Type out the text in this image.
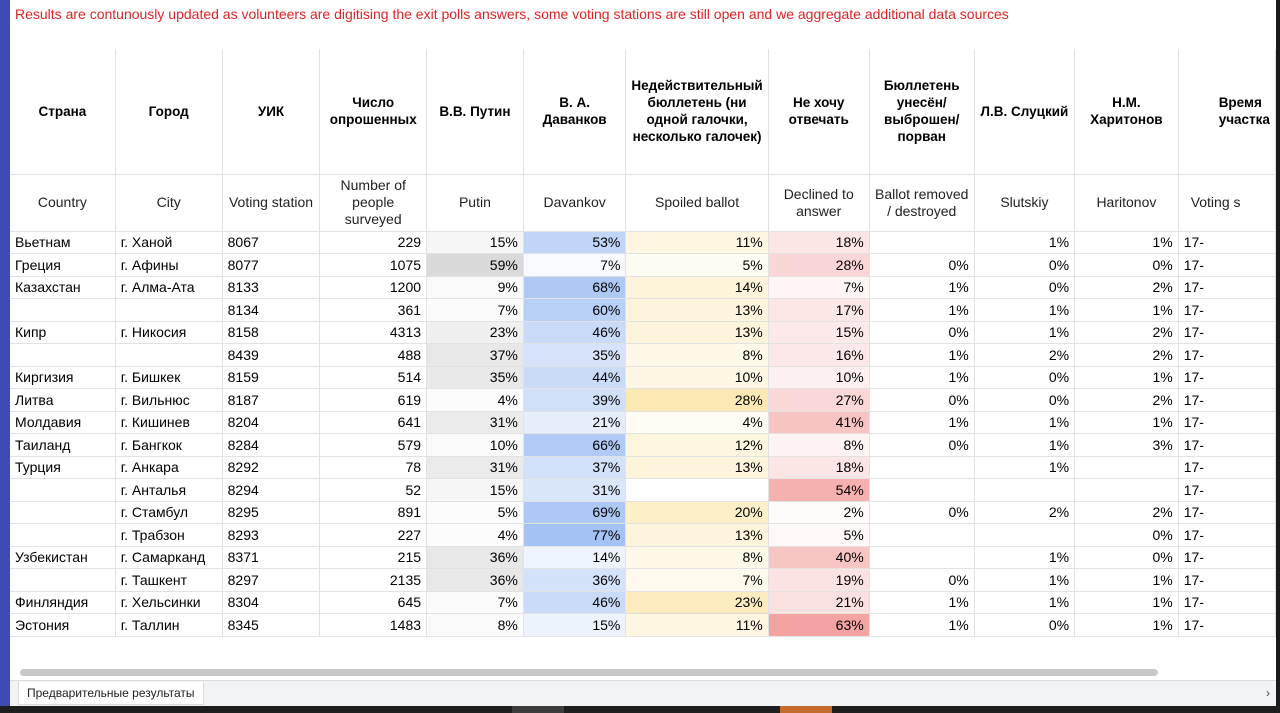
Results are contunously updated as volunteers are digitising the exit polls answers, some voting stations are still open and we aggregate additional data sources
Страна	Город	УИК	Число опрошенных	В.В. Путин	В. А. Даванков	Недействительный бюллетень (ни одной галочки, несколько галочек)	Не хочу отвечать	Бюллетень унесён/ выброшен/ порван	Л.В. Слуцкий	Н.М. Харитонов	Время участка
Country	City	Voting station	Number of people surveyed	Putin	Davankov	Spoiled ballot	Declined to answer	Ballot removed / destroyed	Slutskiy	Haritonov	Voting s
Вьетнам	г. Ханой	8067	229	15%	53%	11%	18%		1%	1%	17-
Греция	г. Афины	8077	1075	59%	7%	5%	28%	0%	0%	0%	17-
Казахстан	г. Алма-Ата	8133	1200	9%	68%	14%	7%	1%	0%	2%	17-
		8134	361	7%	60%	13%	17%	1%	1%	1%	17-
Кипр	г. Никосия	8158	4313	23%	46%	13%	15%	0%	1%	2%	17-
		8439	488	37%	35%	8%	16%	1%	2%	2%	17-
Киргизия	г. Бишкек	8159	514	35%	44%	10%	10%	1%	0%	1%	17-
Литва	г. Вильнюс	8187	619	4%	39%	28%	27%	0%	0%	2%	17-
Молдавия	г. Кишинев	8204	641	31%	21%	4%	41%	1%	1%	1%	17-
Таиланд	г. Бангкок	8284	579	10%	66%	12%	8%	0%	1%	3%	17-
Турция	г. Анкара	8292	78	31%	37%	13%	18%		1%		17-
	г. Анталья	8294	52	15%	31%		54%				17-
	г. Стамбул	8295	891	5%	69%	20%	2%	0%	2%	2%	17-
	г. Трабзон	8293	227	4%	77%	13%	5%			0%	17-
Узбекистан	г. Самарканд	8371	215	36%	14%	8%	40%		1%	0%	17-
	г. Ташкент	8297	2135	36%	36%	7%	19%	0%	1%	1%	17-
Финляндия	г. Хельсинки	8304	645	7%	46%	23%	21%	1%	1%	1%	17-
Эстония	г. Таллин	8345	1483	8%	15%	11%	63%	1%	0%	1%	17-
Предварительные результаты	›
